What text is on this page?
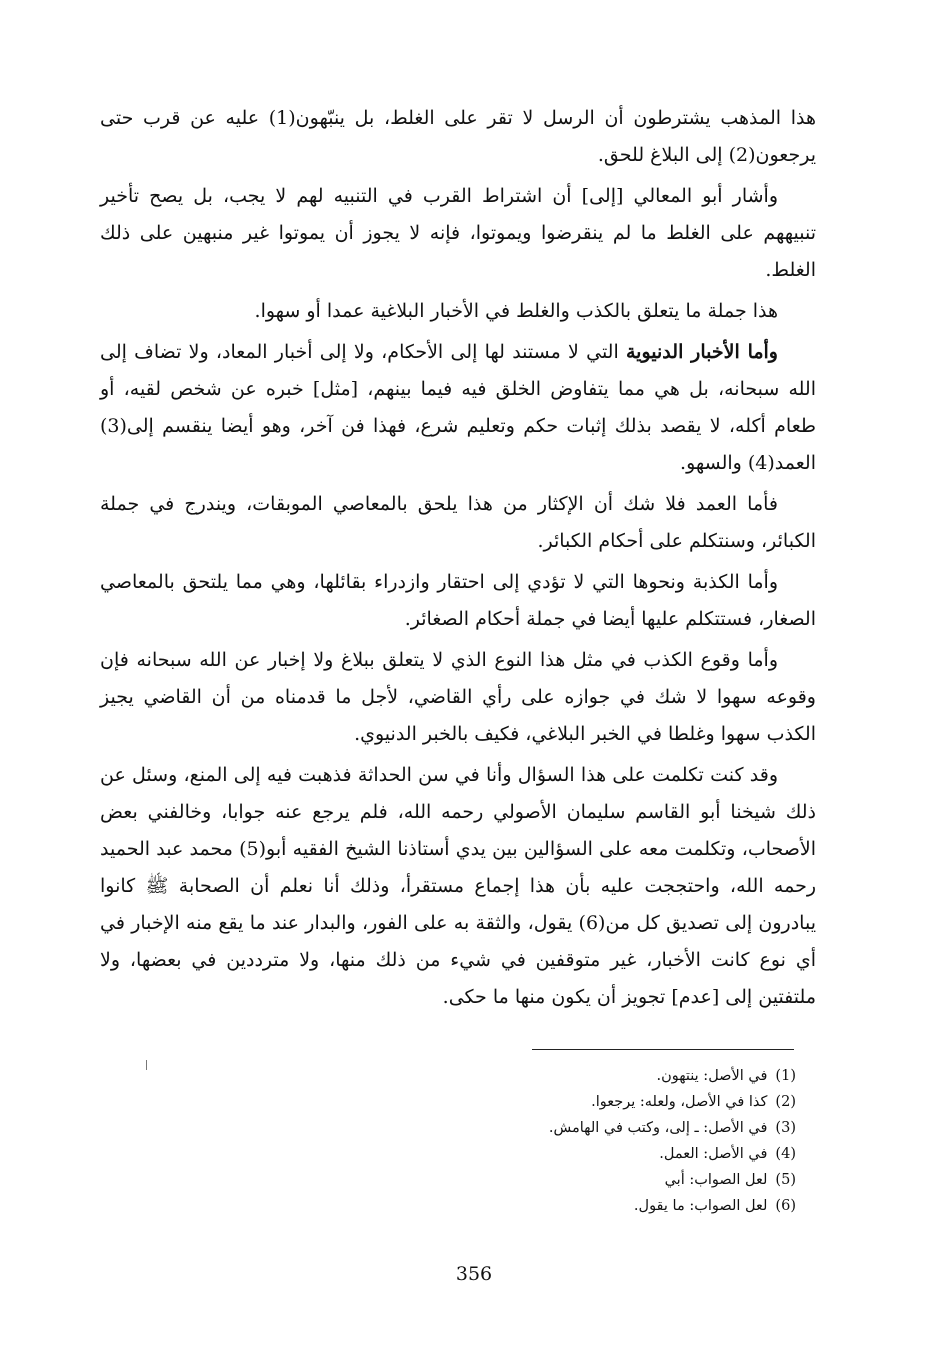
هذا المذهب يشترطون أن الرسل لا تقر على الغلط، بل ينبّهون(1) عليه عن قرب حتى يرجعون(2) إلى البلاغ للحق.

وأشار أبو المعالي [إلى] أن اشتراط القرب في التنبيه لهم لا يجب، بل يصح تأخير تنبيههم على الغلط ما لم ينقرضوا ويموتوا، فإنه لا يجوز أن يموتوا غير منبهين على ذلك الغلط.

هذا جملة ما يتعلق بالكذب والغلط في الأخبار البلاغية عمدا أو سهوا.

وأما الأخبار الدنيوية التي لا مستند لها إلى الأحكام، ولا إلى أخبار المعاد، ولا تضاف إلى الله سبحانه، بل هي مما يتفاوض الخلق فيه فيما بينهم، [مثل] خبره عن شخص لقيه، أو طعام أكله، لا يقصد بذلك إثبات حكم وتعليم شرع، فهذا فن آخر، وهو أيضا ينقسم إلى(3) العمد(4) والسهو.

فأما العمد فلا شك أن الإكثار من هذا يلحق بالمعاصي الموبقات، ويندرج في جملة الكبائر، وسنتكلم على أحكام الكبائر.

وأما الكذبة ونحوها التي لا تؤدي إلى احتقار وازدراء بقائلها، وهي مما يلتحق بالمعاصي الصغار، فستتكلم عليها أيضا في جملة أحكام الصغائر.

وأما وقوع الكذب في مثل هذا النوع الذي لا يتعلق ببلاغ ولا إخبار عن الله سبحانه فإن وقوعه سهوا لا شك في جوازه على رأي القاضي، لأجل ما قدمناه من أن القاضي يجيز الكذب سهوا وغلطا في الخبر البلاغي، فكيف بالخبر الدنيوي.

وقد كنت تكلمت على هذا السؤال وأنا في سن الحداثة فذهبت فيه إلى المنع، وسئل عن ذلك شيخنا أبو القاسم سليمان الأصولي رحمه الله، فلم يرجع عنه جوابا، وخالفني بعض الأصحاب، وتكلمت معه على السؤالين بين يدي أستاذنا الشيخ الفقيه أبو(5) محمد عبد الحميد رحمه الله، واحتججت عليه بأن هذا إجماع مستقرأ، وذلك أنا نعلم أن الصحابة ﷺ كانوا يبادرون إلى تصديق كل من(6) يقول، والثقة به على الفور، والبدار عند ما يقع منه الإخبار في أي نوع كانت الأخبار، غير متوقفين في شيء من ذلك منها، ولا مترددين في بعضها، ولا ملتفتين إلى [عدم] تجويز أن يكون منها ما حكى.

(1)في الأصل: ينتهون.
(2)كذا في الأصل، ولعله: يرجعوا.
(3)في الأصل: ـ إلى، وكتب في الهامش.
(4)في الأصل: العمل.
(5)لعل الصواب: أبي
(6)لعل الصواب: ما يقول.
356
